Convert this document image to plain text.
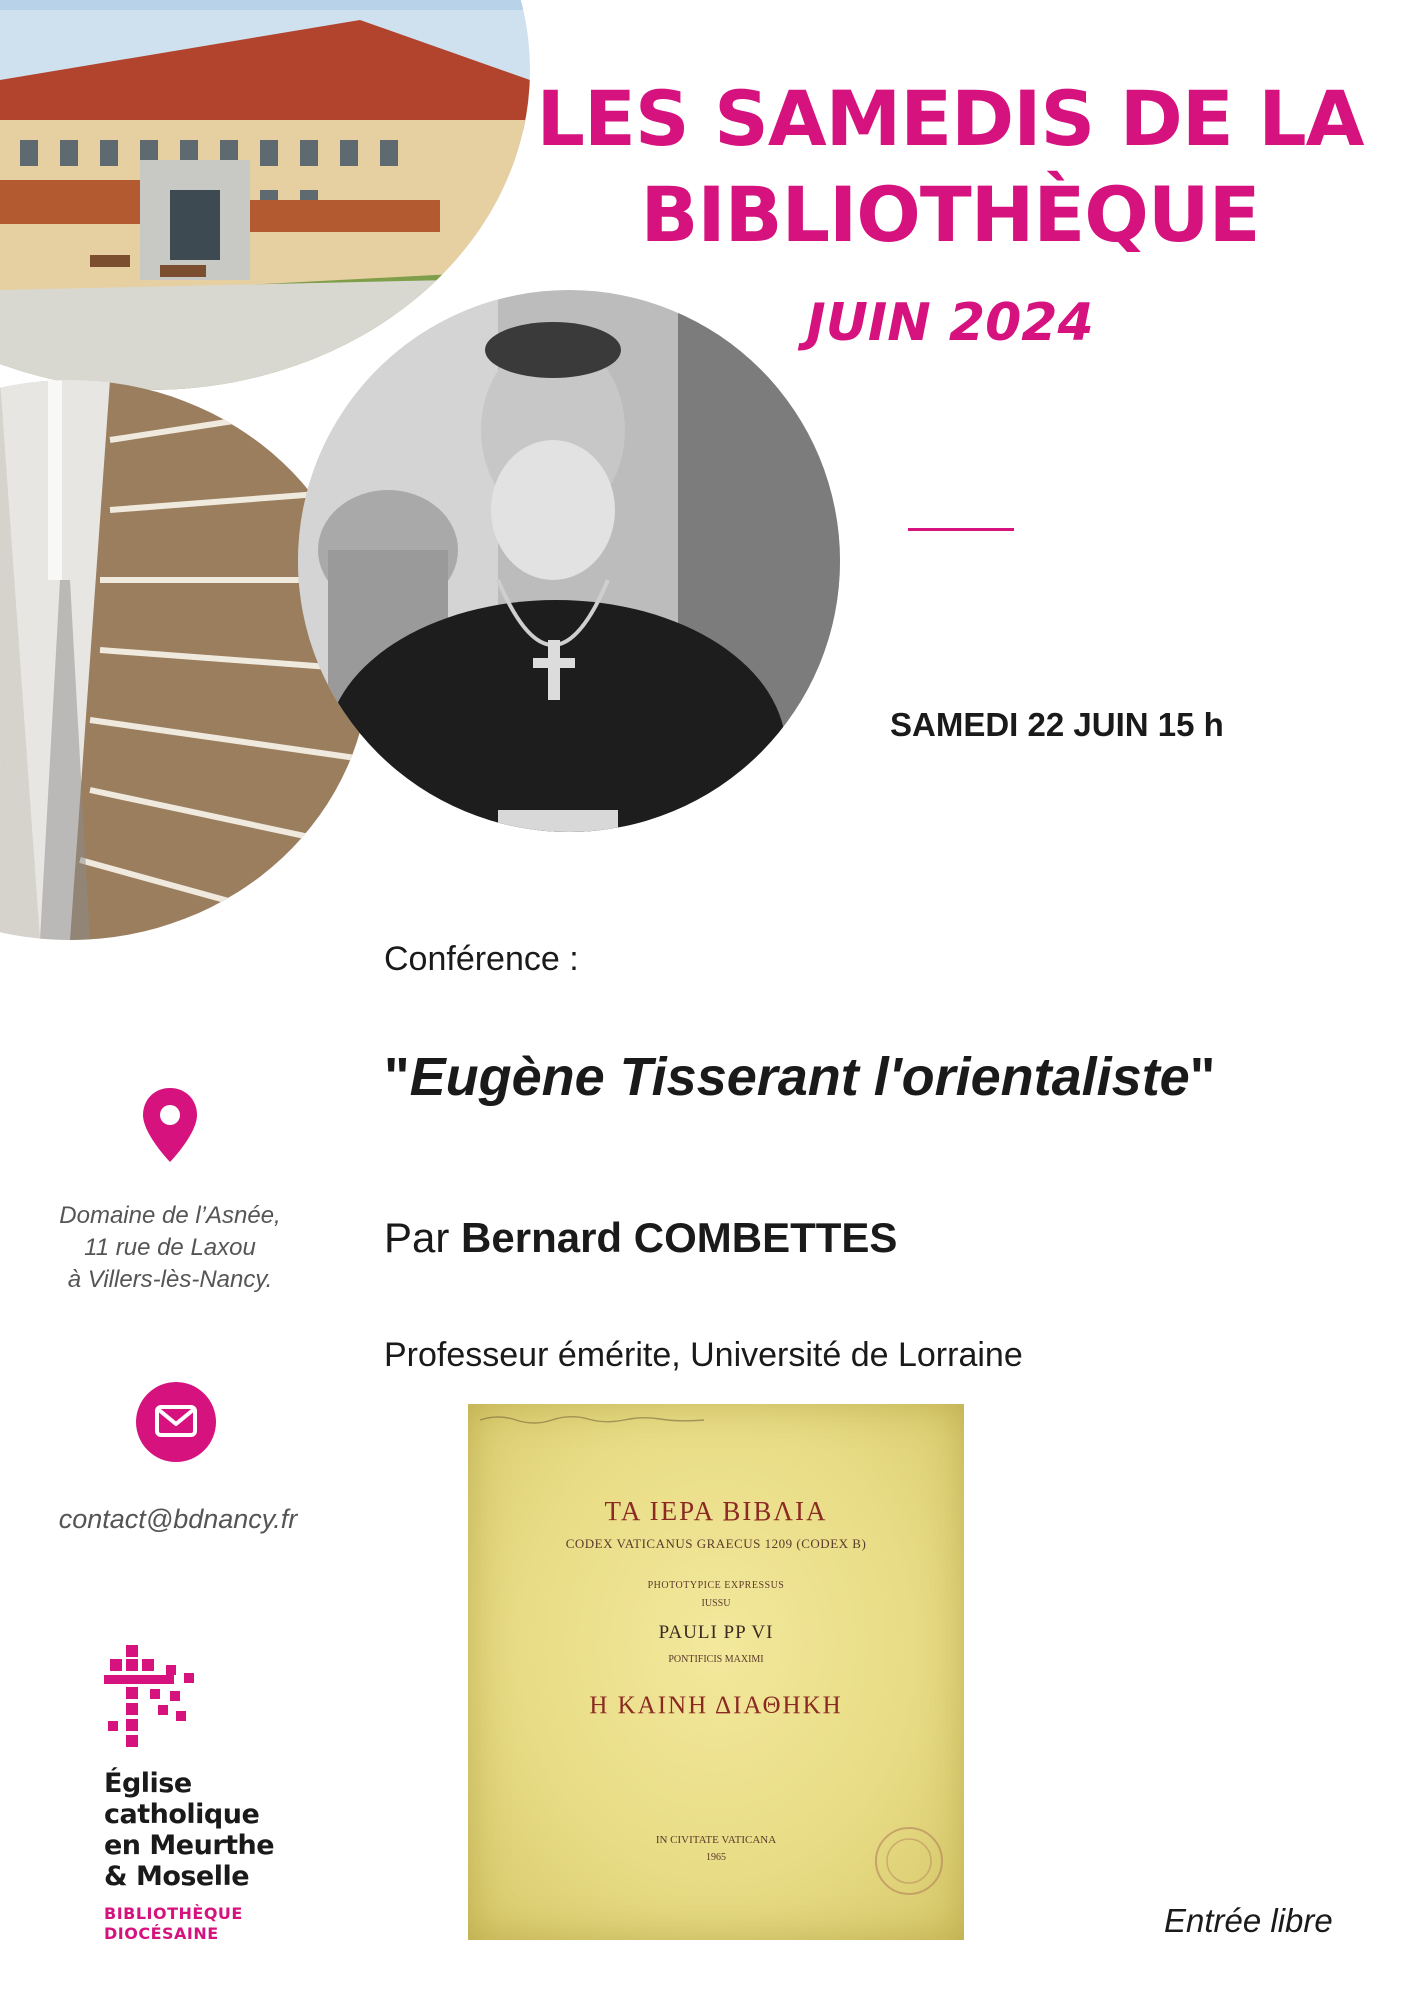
LES SAMEDIS DE LA
BIBLIOTHÈQUE
JUIN 2024
SAMEDI 22 JUIN 15 h
Conférence :
"Eugène Tisserant l'orientaliste"
Par Bernard COMBETTES
Professeur émérite, Université de Lorraine
Domaine de l’Asnée,
11 rue de Laxou
à Villers-lès-Nancy.
contact@bdnancy.fr
Église
catholique
en Meurthe
& Moselle
BIBLIOTHÈQUE
DIOCÉSAINE
ΤΑ ΙΕΡΑ ΒΙΒΛΙΑ
CODEX VATICANUS GRAECUS 1209 (CODEX B)
PHOTOTYPICE EXPRESSUS
IUSSU
PAULI PP VI
PONTIFICIS MAXIMI
Η ΚΑΙΝΗ ΔΙΑΘΗΚΗ
IN CIVITATE VATICANA
1965
Entrée libre
